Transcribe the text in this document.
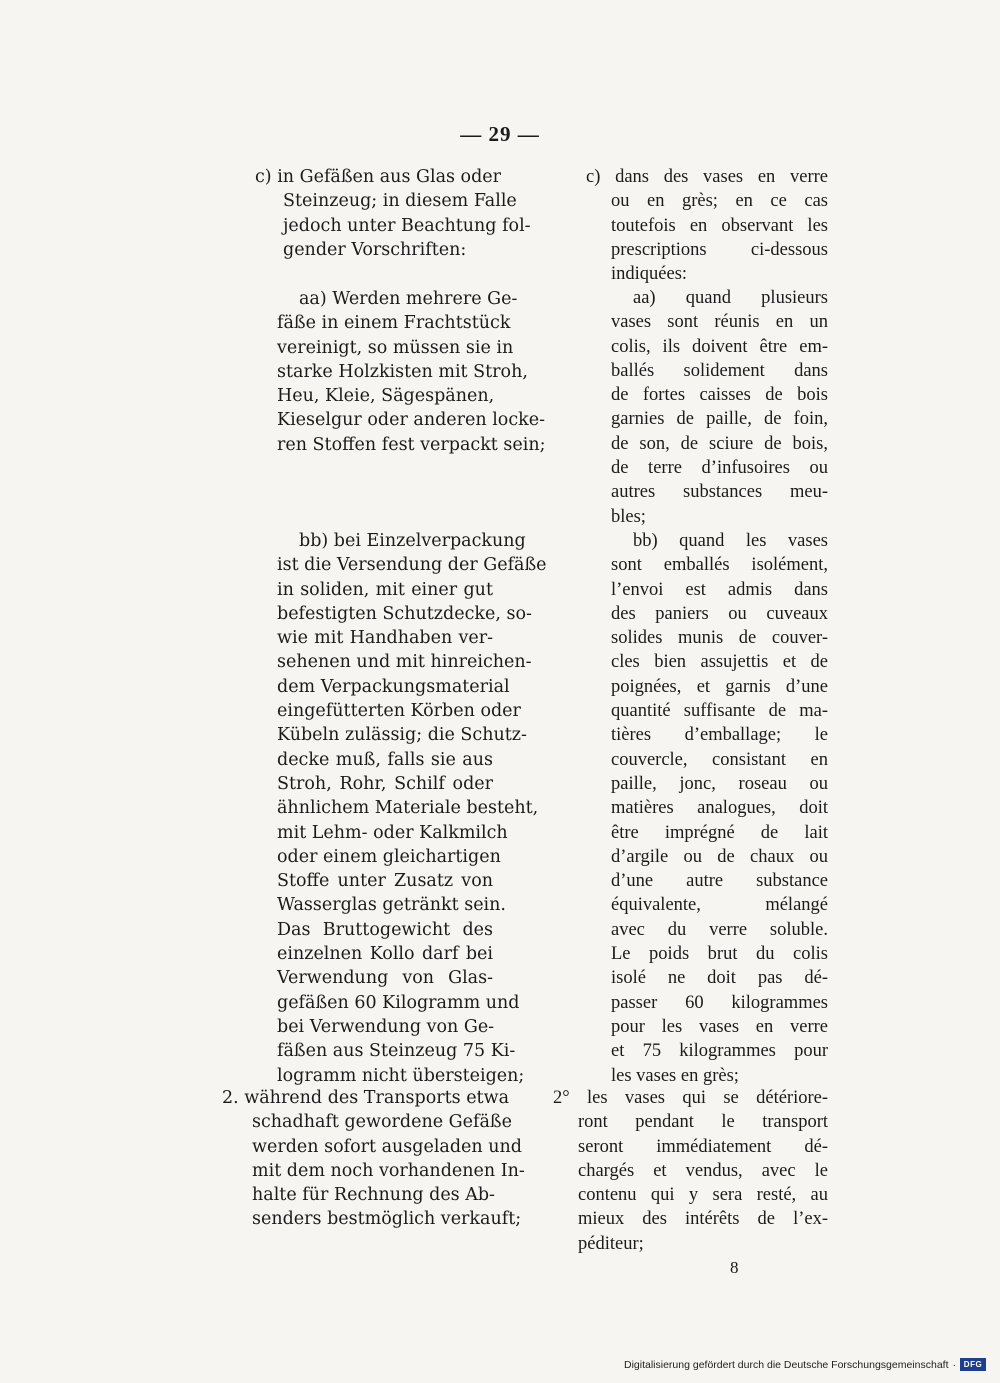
— 29 —
c) in Gefäßen aus Glas oder
Steinzeug; in diesem Falle
jedoch unter Beachtung fol-
gender Vorschriften:
aa) Werden mehrere Ge-
fäße in einem Frachtstück
vereinigt, so müssen sie in
starke Holzkisten mit Stroh,
Heu, Kleie, Sägespänen,
Kieselgur oder anderen locke-
ren Stoffen fest verpackt sein;
bb) bei Einzelverpackung
ist die Versendung der Gefäße
in soliden, mit einer gut
befestigten Schutzdecke, so-
wie mit Handhaben ver-
sehenen und mit hinreichen-
dem Verpackungsmaterial
eingefütterten Körben oder
Kübeln zulässig; die Schutz-
decke muß, falls sie aus
Stroh, Rohr, Schilf oder
ähnlichem Materiale besteht,
mit Lehm- oder Kalkmilch
oder einem gleichartigen
Stoffe unter Zusatz von
Wasserglas getränkt sein.
Das Bruttogewicht des
einzelnen Kollo darf bei
Verwendung von Glas-
gefäßen 60 Kilogramm und
bei Verwendung von Ge-
fäßen aus Steinzeug 75 Ki-
logramm nicht übersteigen;
2. während des Transports etwa
schadhaft gewordene Gefäße
werden sofort ausgeladen und
mit dem noch vorhandenen In-
halte für Rechnung des Ab-
senders bestmöglich verkauft;
c) dans des vases en verre
ou en grès; en ce cas
toutefois en observant les
prescriptions ci-dessous
indiquées:
aa) quand plusieurs
vases sont réunis en un
colis, ils doivent être em-
ballés solidement dans
de fortes caisses de bois
garnies de paille, de foin,
de son, de sciure de bois,
de terre d’infusoires ou
autres substances meu-
bles;
bb) quand les vases
sont emballés isolément,
l’envoi est admis dans
des paniers ou cuveaux
solides munis de couver-
cles bien assujettis et de
poignées, et garnis d’une
quantité suffisante de ma-
tières d’emballage; le
couvercle, consistant en
paille, jonc, roseau ou
matières analogues, doit
être imprégné de lait
d’argile ou de chaux ou
d’une autre substance
équivalente, mélangé
avec du verre soluble.
Le poids brut du colis
isolé ne doit pas dé-
passer 60 kilogrammes
pour les vases en verre
et 75 kilogrammes pour
les vases en grès;
2° les vases qui se détériore-
ront pendant le transport
seront immédiatement dé-
chargés et vendus, avec le
contenu qui y sera resté, au
mieux des intérêts de l’ex-
péditeur;
8
Digitalisierung gefördert durch die Deutsche Forschungsgemeinschaft · DFG
